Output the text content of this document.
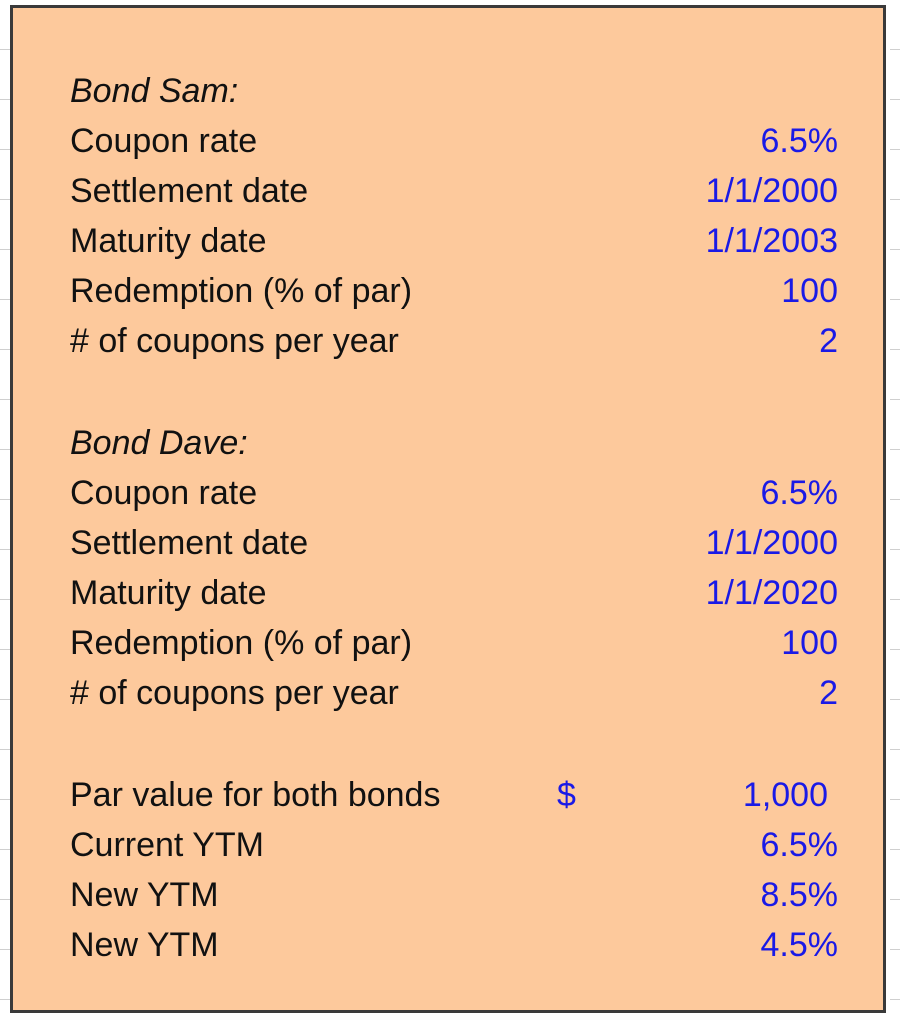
Bond Sam:
Coupon rate	6.5%
Settlement date	1/1/2000
Maturity date	1/1/2003
Redemption (% of par)	100
# of coupons per year	2
Bond Dave:
Coupon rate	6.5%
Settlement date	1/1/2000
Maturity date	1/1/2020
Redemption (% of par)	100
# of coupons per year	2
Par value for both bonds	$	1,000
Current YTM	6.5%
New YTM	8.5%
New YTM	4.5%
